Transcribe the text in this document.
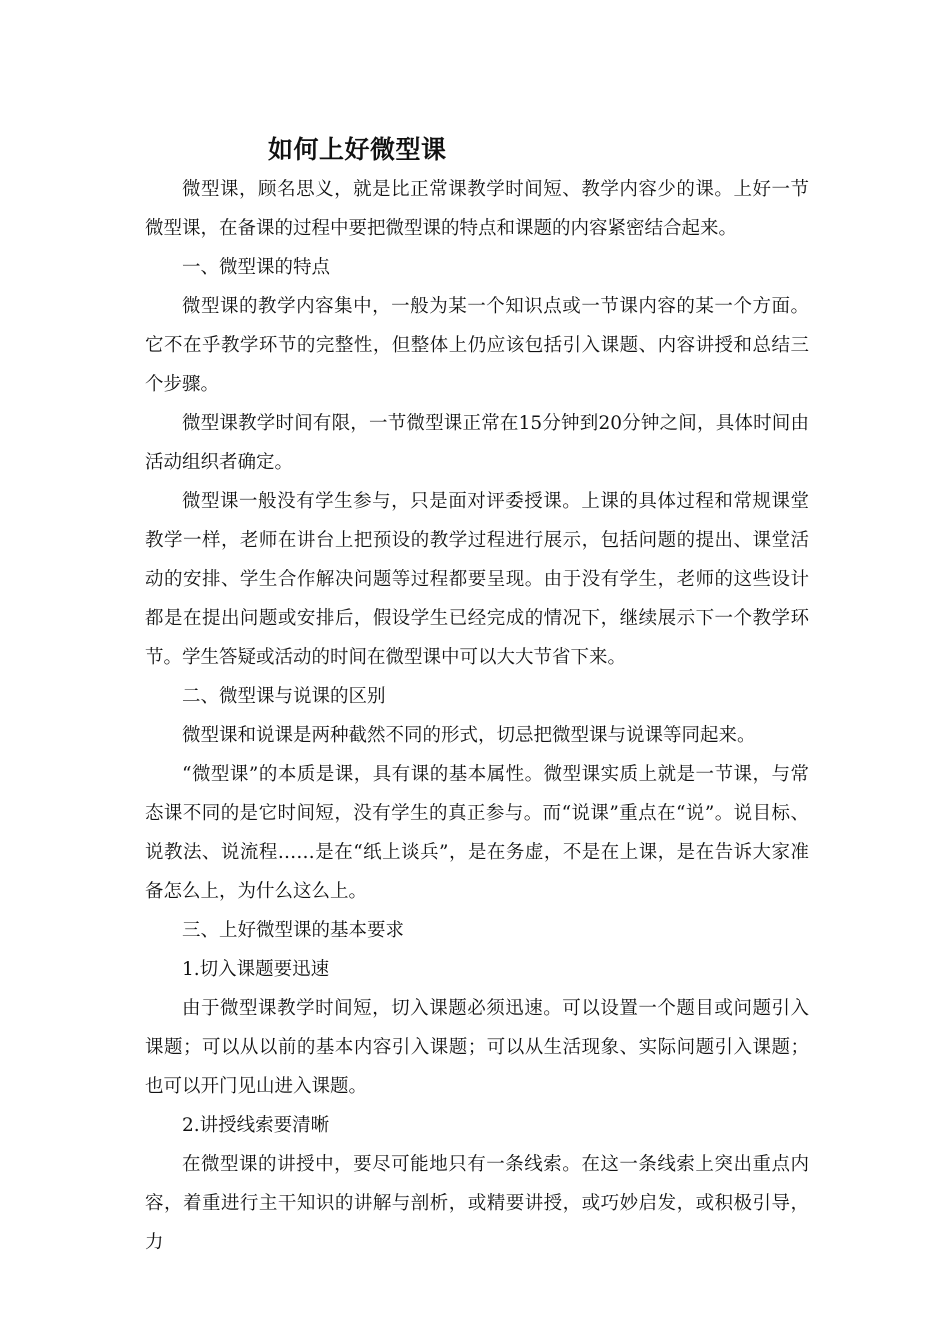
如何上好微型课

微型课，顾名思义，就是比正常课教学时间短、教学内容少的课。上好一节微型课，在备课的过程中要把微型课的特点和课题的内容紧密结合起来。

一、微型课的特点

微型课的教学内容集中，一般为某一个知识点或一节课内容的某一个方面。它不在乎教学环节的完整性，但整体上仍应该包括引入课题、内容讲授和总结三个步骤。

微型课教学时间有限，一节微型课正常在15分钟到20分钟之间，具体时间由活动组织者确定。

微型课一般没有学生参与，只是面对评委授课。上课的具体过程和常规课堂教学一样，老师在讲台上把预设的教学过程进行展示，包括问题的提出、课堂活动的安排、学生合作解决问题等过程都要呈现。由于没有学生，老师的这些设计都是在提出问题或安排后，假设学生已经完成的情况下，继续展示下一个教学环节。学生答疑或活动的时间在微型课中可以大大节省下来。

二、微型课与说课的区别

微型课和说课是两种截然不同的形式，切忌把微型课与说课等同起来。

“微型课”的本质是课，具有课的基本属性。微型课实质上就是一节课，与常态课不同的是它时间短，没有学生的真正参与。而“说课”重点在“说”。说目标、说教法、说流程……是在“纸上谈兵”，是在务虚，不是在上课，是在告诉大家准备怎么上，为什么这么上。

三、上好微型课的基本要求

1.切入课题要迅速

由于微型课教学时间短，切入课题必须迅速。可以设置一个题目或问题引入课题；可以从以前的基本内容引入课题；可以从生活现象、实际问题引入课题；也可以开门见山进入课题。

2.讲授线索要清晰

在微型课的讲授中，要尽可能地只有一条线索。在这一条线索上突出重点内容，着重进行主干知识的讲解与剖析，或精要讲授，或巧妙启发，或积极引导，力
